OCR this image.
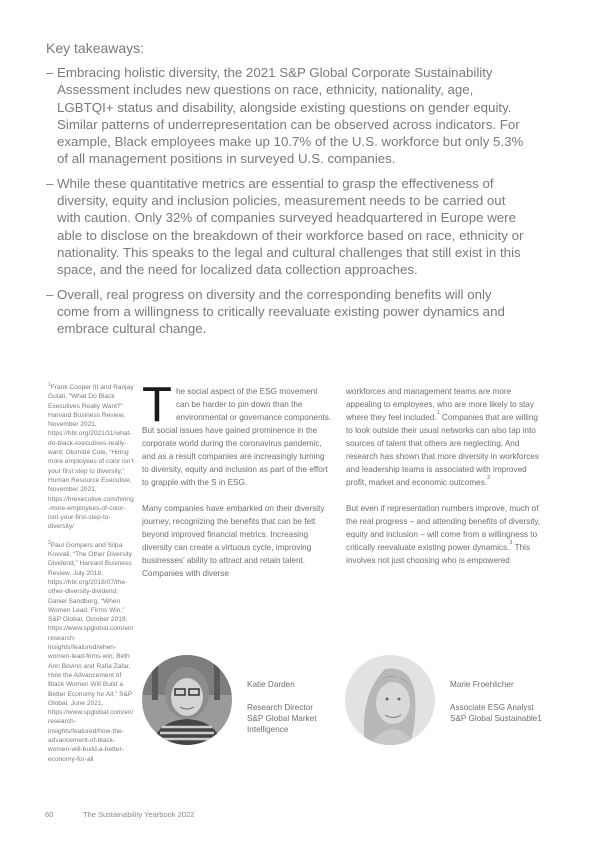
Key takeaways:
– Embracing holistic diversity, the 2021 S&P Global Corporate Sustainability Assessment includes new questions on race, ethnicity, nationality, age, LGBTQI+ status and disability, alongside existing questions on gender equity. Similar patterns of underrepresentation can be observed across indicators. For example, Black employees make up 10.7% of the U.S. workforce but only 5.3% of all management positions in surveyed U.S. companies.
– While these quantitative metrics are essential to grasp the effectiveness of diversity, equity and inclusion policies, measurement needs to be carried out with caution. Only 32% of companies surveyed headquartered in Europe were able to disclose on the breakdown of their workforce based on race, ethnicity or nationality. This speaks to the legal and cultural challenges that still exist in this space, and the need for localized data collection approaches.
– Overall, real progress on diversity and the corresponding benefits will only come from a willingness to critically reevaluate existing power dynamics and embrace cultural change.
$^1$Frank Cooper III and Ranjay Gulati, “What Do Black Executives Really Want?” Harvard Business Review, November 2021, https://hbr.org/2021/11/what-do-black-executives-really-want; Olumidé Cole, “Hiring more employees of color isn’t your first step to diversity,” Human Resource Executive, November 2021, https://hrexecutive.com/hiring-more-employees-of-color-isnt-your-first-step-to-diversity/
$^2$Paul Gompers and Silpa Kovvali, “The Other Diversity Dividend,” Harvard Business Review, July 2018, https://hbr.org/2018/07/the-other-diversity-dividend; Daniel Sandberg, “When Women Lead, Firms Win,” S&P Global, October 2019, https://www.spglobal.com/en/research-insights/featured/when-women-lead-firms-win; Beth Ann Bovino and Rafia Zafar, How the Advancement of Black Women Will Build a Better Economy for All,” S&P Global, June 2021, https://www.spglobal.com/en/research-insights/featured/how-the-advancement-of-black-women-will-build-a-better-economy-for-all

The social aspect of the ESG movement can be harder to pin down than the environmental or governance components. But social issues have gained prominence in the corporate world during the coronavirus pandemic, and as a result companies are increasingly turning to diversity, equity and inclusion as part of the effort to grapple with the S in ESG.

Many companies have embarked on their diversity journey, recognizing the benefits that can be felt beyond improved financial metrics. Increasing diversity can create a virtuous cycle, improving businesses’ ability to attract and retain talent. Companies with diverse

workforces and management teams are more appealing to employees, who are more likely to stay where they feel included.$^1$ Companies that are willing to look outside their usual networks can also tap into sources of talent that others are neglecting. And research has shown that more diversity in workforces and leadership teams is associated with improved profit, market and economic outcomes.$^2$

But even if representation numbers improve, much of the real progress – and attending benefits of diversity, equity and inclusion – will come from a willingness to critically reevaluate existing power dynamics.$^3$ This involves not just choosing who is empowered

Katie Darden
Research Director
S&P Global Market Intelligence
Marie Froehlicher
Associate ESG Analyst
S&P Global Sustainable1
60	The Sustainability Yearbook 2022
